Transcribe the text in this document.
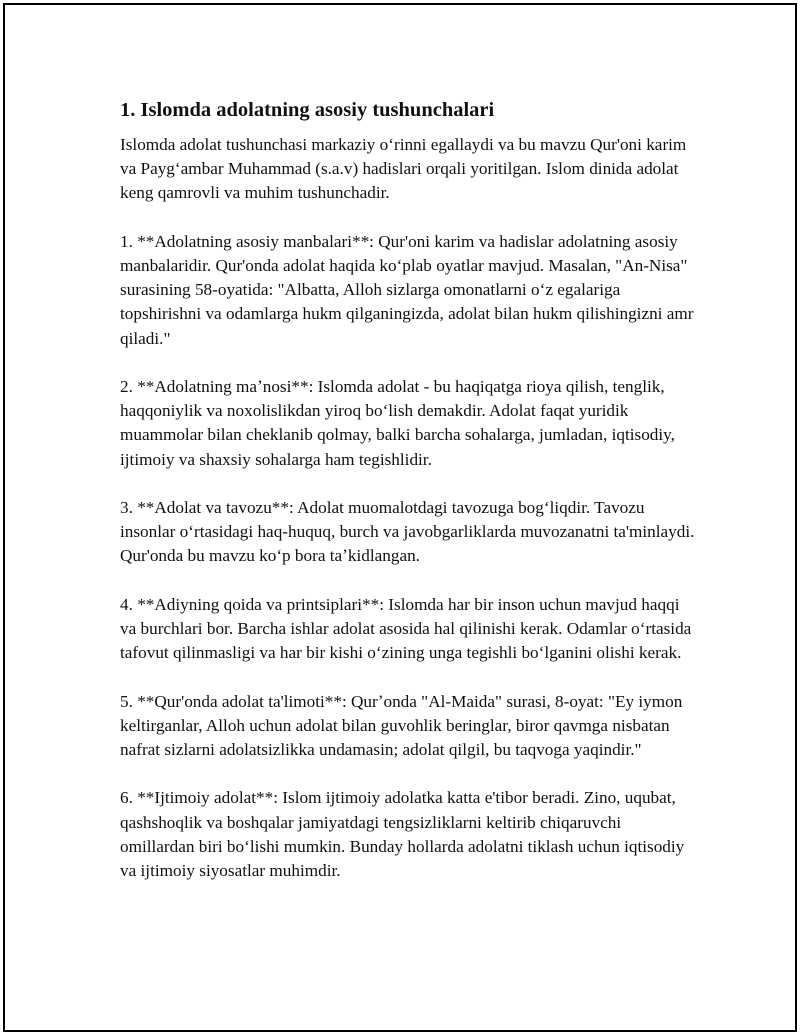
1. Islomda adolatning asosiy tushunchalari

Islomda adolat tushunchasi markaziy oʻrinni egallaydi va bu mavzu Qur'oni karim va Paygʻambar Muhammad (s.a.v) hadislari orqali yoritilgan. Islom dinida adolat keng qamrovli va muhim tushunchadir.

1. **Adolatning asosiy manbalari**: Qur'oni karim va hadislar adolatning asosiy manbalaridir. Qur'onda adolat haqida koʻplab oyatlar mavjud. Masalan, "An-Nisa" surasining 58-oyatida: "Albatta, Alloh sizlarga omonatlarni oʻz egalariga topshirishni va odamlarga hukm qilganingizda, adolat bilan hukm qilishingizni amr qiladi."

2. **Adolatning maʼnosi**: Islomda adolat - bu haqiqatga rioya qilish, tenglik, haqqoniylik va noxolislikdan yiroq boʻlish demakdir. Adolat faqat yuridik muammolar bilan cheklanib qolmay, balki barcha sohalarga, jumladan, iqtisodiy, ijtimoiy va shaxsiy sohalarga ham tegishlidir.

3. **Adolat va tavozu**: Adolat muomalotdagi tavozuga bogʻliqdir. Tavozu insonlar oʻrtasidagi haq-huquq, burch va javobgarliklarda muvozanatni ta'minlaydi. Qur'onda bu mavzu koʻp bora taʼkidlangan.

4. **Adiyning qoida va printsiplari**: Islomda har bir inson uchun mavjud haqqi va burchlari bor. Barcha ishlar adolat asosida hal qilinishi kerak. Odamlar oʻrtasida tafovut qilinmasligi va har bir kishi oʻzining unga tegishli boʻlganini olishi kerak.

5. **Qur'onda adolat ta'limoti**: Qurʼonda "Al-Maida" surasi, 8-oyat: "Ey iymon keltirganlar, Alloh uchun adolat bilan guvohlik beringlar, biror qavmga nisbatan nafrat sizlarni adolatsizlikka undamasin; adolat qilgil, bu taqvoga yaqindir."

6. **Ijtimoiy adolat**: Islom ijtimoiy adolatka katta e'tibor beradi. Zino, uqubat, qashshoqlik va boshqalar jamiyatdagi tengsizliklarni keltirib chiqaruvchi omillardan biri boʻlishi mumkin. Bunday hollarda adolatni tiklash uchun iqtisodiy va ijtimoiy siyosatlar muhimdir.
